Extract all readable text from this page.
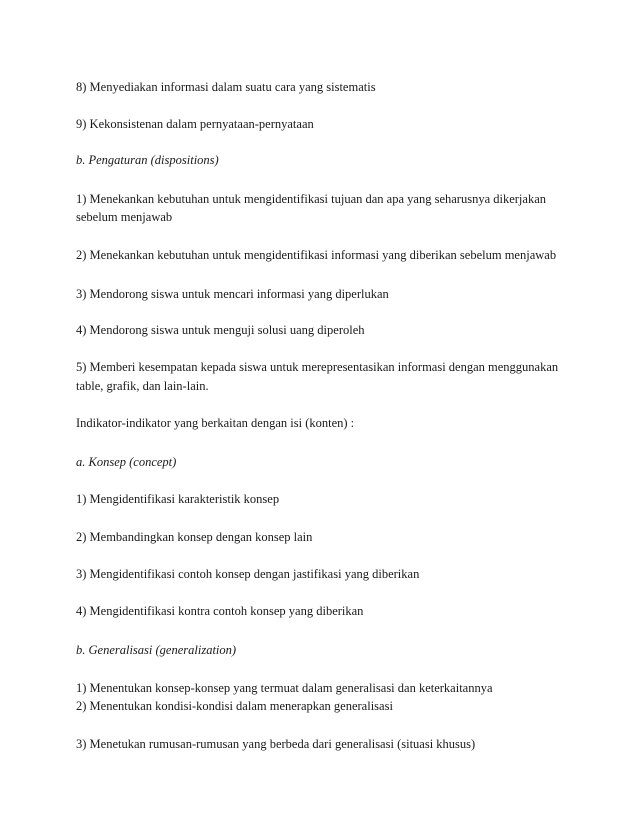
8) Menyediakan informasi dalam suatu cara yang sistematis
9) Kekonsistenan dalam pernyataan-pernyataan
b. Pengaturan (dispositions)
1) Menekankan kebutuhan untuk mengidentifikasi tujuan dan apa yang seharusnya dikerjakan
sebelum menjawab
2) Menekankan kebutuhan untuk mengidentifikasi informasi yang diberikan sebelum menjawab
3) Mendorong siswa untuk mencari informasi yang diperlukan
4) Mendorong siswa untuk menguji solusi uang diperoleh
5) Memberi kesempatan kepada siswa untuk merepresentasikan informasi dengan menggunakan
table, grafik, dan lain-lain.
Indikator-indikator yang berkaitan dengan isi (konten) :
a. Konsep (concept)
1) Mengidentifikasi karakteristik konsep
2) Membandingkan konsep dengan konsep lain
3) Mengidentifikasi contoh konsep dengan jastifikasi yang diberikan
4) Mengidentifikasi kontra contoh konsep yang diberikan
b. Generalisasi (generalization)
1) Menentukan konsep-konsep yang termuat dalam generalisasi dan keterkaitannya
2) Menentukan kondisi-kondisi dalam menerapkan generalisasi
3) Menetukan rumusan-rumusan yang berbeda dari generalisasi (situasi khusus)
